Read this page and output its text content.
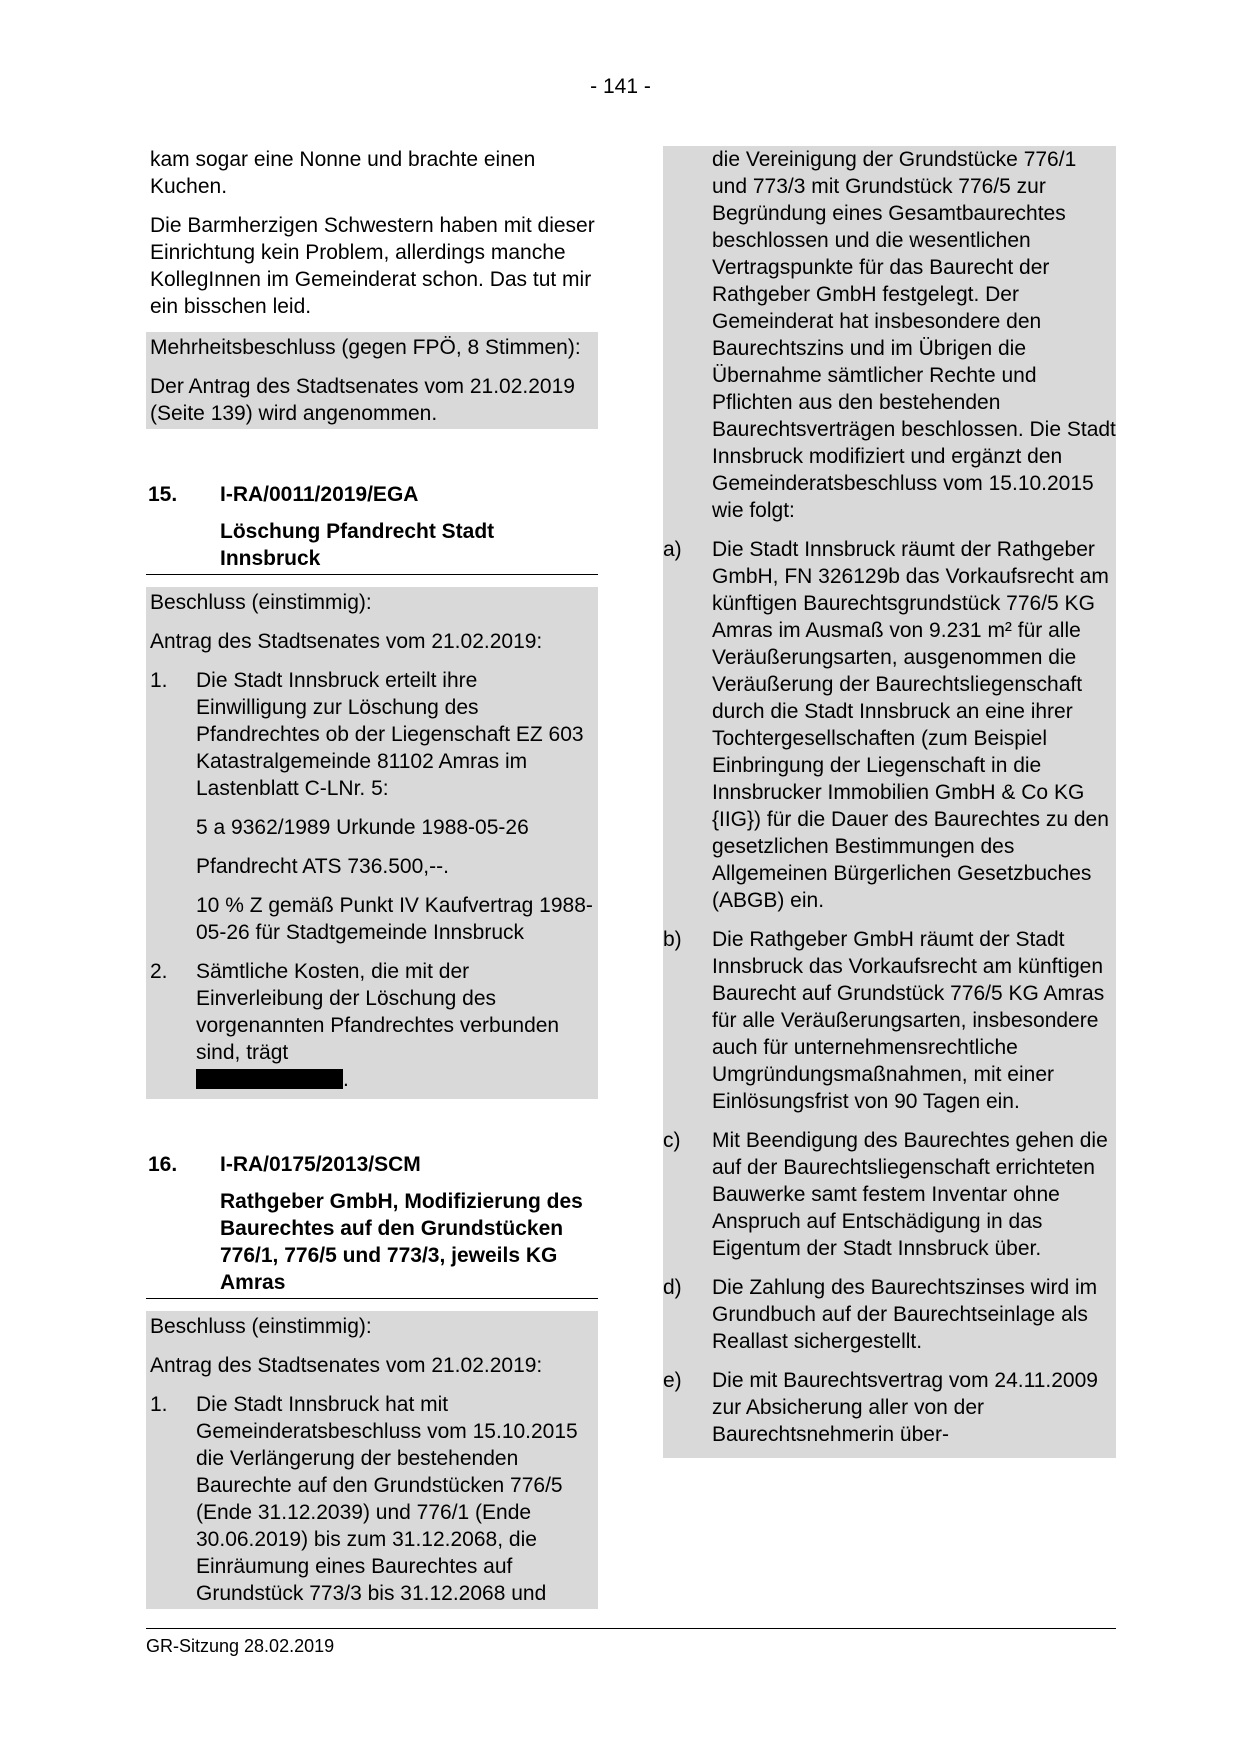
- 141 -

kam sogar eine Nonne und brachte einen Kuchen.

Die Barmherzigen Schwestern haben mit dieser Einrichtung kein Problem, allerdings manche KollegInnen im Gemeinderat schon. Das tut mir ein bisschen leid.

Mehrheitsbeschluss (gegen FPÖ, 8 Stimmen):

Der Antrag des Stadtsenates vom 21.02.2019 (Seite 139) wird angenommen.

15.	I-RA/0011/2019/EGA
Löschung Pfandrecht Stadt Innsbruck

Beschluss (einstimmig):

Antrag des Stadtsenates vom 21.02.2019:

1.	Die Stadt Innsbruck erteilt ihre Einwilligung zur Löschung des Pfandrechtes ob der Liegenschaft EZ 603 Katastralgemeinde 81102 Amras im Lastenblatt C-LNr. 5:

5 a 9362/1989 Urkunde 1988-05-26

Pfandrecht ATS 736.500,--.

10 % Z gemäß Punkt IV Kaufvertrag 1988-05-26 für Stadtgemeinde Innsbruck

2.	Sämtliche Kosten, die mit der Einverleibung der Löschung des vorgenannten Pfandrechtes verbunden sind, trägt
.
16.	I-RA/0175/2013/SCM
Rathgeber GmbH, Modifizierung des Baurechtes auf den Grundstücken 776/1, 776/5 und 773/3, jeweils KG Amras

Beschluss (einstimmig):

Antrag des Stadtsenates vom 21.02.2019:

1.	Die Stadt Innsbruck hat mit Gemeinderatsbeschluss vom 15.10.2015 die Verlängerung der bestehenden Baurechte auf den Grundstücken 776/5 (Ende 31.12.2039) und 776/1 (Ende 30.06.2019) bis zum 31.12.2068, die Einräumung eines Baurechtes auf Grundstück 773/3 bis 31.12.2068 und

die Vereinigung der Grundstücke 776/1 und 773/3 mit Grundstück 776/5 zur Begründung eines Gesamtbaurechtes beschlossen und die wesentlichen Vertragspunkte für das Baurecht der Rathgeber GmbH festgelegt. Der Gemeinderat hat insbesondere den Baurechtszins und im Übrigen die Übernahme sämtlicher Rechte und Pflichten aus den bestehenden Baurechtsverträgen beschlossen. Die Stadt Innsbruck modifiziert und ergänzt den Gemeinderatsbeschluss vom 15.10.2015 wie folgt:

a)	Die Stadt Innsbruck räumt der Rathgeber GmbH, FN 326129b das Vorkaufsrecht am künftigen Baurechtsgrundstück 776/5 KG Amras im Ausmaß von 9.231 m² für alle Veräußerungsarten, ausgenommen die Veräußerung der Baurechtsliegenschaft durch die Stadt Innsbruck an eine ihrer Tochtergesellschaften (zum Beispiel Einbringung der Liegenschaft in die Innsbrucker Immobilien GmbH & Co KG {IIG}) für die Dauer des Baurechtes zu den gesetzlichen Bestimmungen des Allgemeinen Bürgerlichen Gesetzbuches (ABGB) ein.
b)	Die Rathgeber GmbH räumt der Stadt Innsbruck das Vorkaufsrecht am künftigen Baurecht auf Grundstück 776/5 KG Amras für alle Veräußerungsarten, insbesondere auch für unternehmensrechtliche Umgründungsmaßnahmen, mit einer Einlösungsfrist von 90 Tagen ein.
c)	Mit Beendigung des Baurechtes gehen die auf der Baurechtsliegenschaft errichteten Bauwerke samt festem Inventar ohne Anspruch auf Entschädigung in das Eigentum der Stadt Innsbruck über.
d)	Die Zahlung des Baurechtszinses wird im Grundbuch auf der Baurechtseinlage als Reallast sichergestellt.
e)	Die mit Baurechtsvertrag vom 24.11.2009 zur Absicherung aller von der Baurechtsnehmerin über-
GR-Sitzung 28.02.2019
